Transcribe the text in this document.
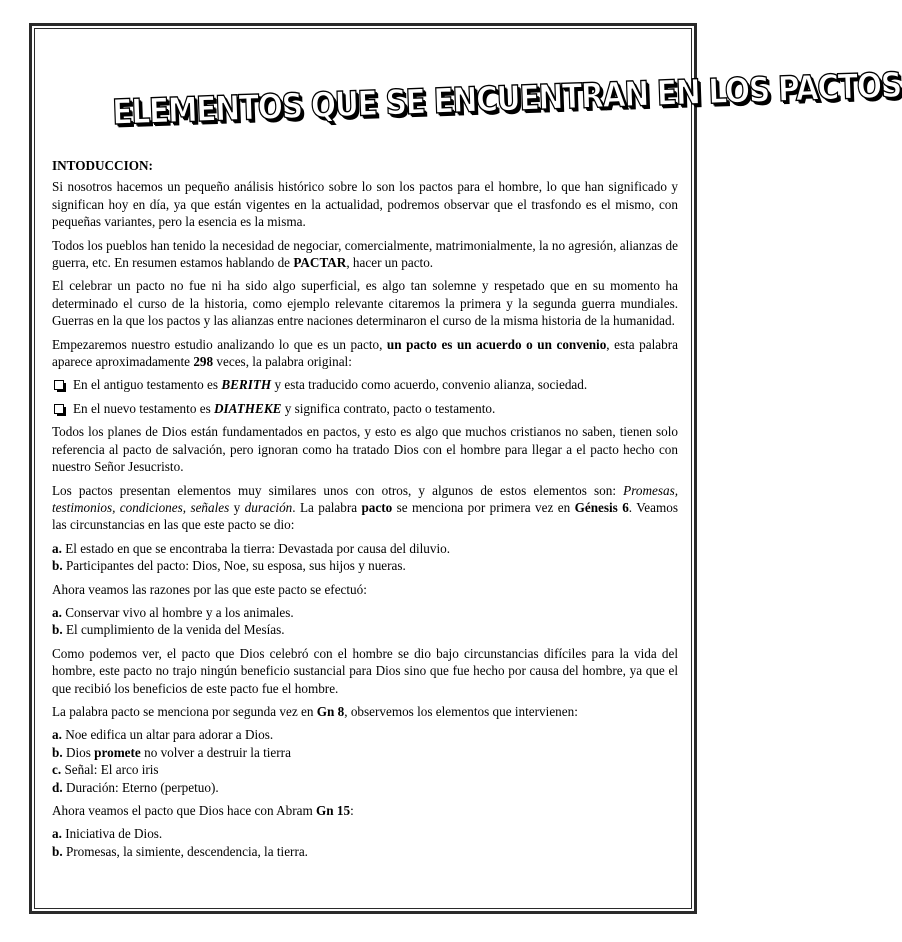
ELEMENTOS QUE SE ENCUENTRAN EN LOS PACTOS
INTODUCCION:

Si nosotros hacemos un pequeño análisis histórico sobre lo son los pactos para el hombre, lo que han significado y significan hoy en día, ya que están vigentes en la actualidad, podremos observar que el trasfondo es el mismo, con pequeñas variantes, pero la esencia es la misma.

Todos los pueblos han tenido la necesidad de negociar, comercialmente, matrimonialmente, la no agresión, alianzas de guerra, etc. En resumen estamos hablando de PACTAR, hacer un pacto.

El celebrar un pacto no fue ni ha sido algo superficial, es algo tan solemne y respetado que en su momento ha determinado el curso de la historia, como ejemplo relevante citaremos la primera y la segunda guerra mundiales. Guerras en la que los pactos y las alianzas entre naciones determinaron el curso de la misma historia de la humanidad.

Empezaremos nuestro estudio analizando lo que es un pacto, un pacto es un acuerdo o un convenio, esta palabra aparece aproximadamente 298 veces, la palabra original:

En el antiguo testamento es BERITH y esta traducido como acuerdo, convenio alianza, sociedad.
En el nuevo testamento es DIATHEKE y significa contrato, pacto o testamento.

Todos los planes de Dios están fundamentados en pactos, y esto es algo que muchos cristianos no saben, tienen solo referencia al pacto de salvación, pero ignoran como ha tratado Dios con el hombre para llegar a el pacto hecho con nuestro Señor Jesucristo.

Los pactos presentan elementos muy similares unos con otros, y algunos de estos elementos son: Promesas, testimonios, condiciones, señales y duración. La palabra pacto se menciona por primera vez en Génesis 6. Veamos las circunstancias en las que este pacto se dio:

a. El estado en que se encontraba la tierra: Devastada por causa del diluvio.
b. Participantes del pacto: Dios, Noe, su esposa, sus hijos y nueras.

Ahora veamos las razones por las que este pacto se efectuó:

a. Conservar vivo al hombre y a los animales.
b. El cumplimiento de la venida del Mesías.

Como podemos ver, el pacto que Dios celebró con el hombre se dio bajo circunstancias difíciles para la vida del hombre, este pacto no trajo ningún beneficio sustancial para Dios sino que fue hecho por causa del hombre, ya que el que recibió los beneficios de este pacto fue el hombre.

La palabra pacto se menciona por segunda vez en Gn 8, observemos los elementos que intervienen:

a. Noe edifica un altar para adorar a Dios.
b. Dios promete no volver a destruir la tierra
c. Señal: El arco iris
d. Duración: Eterno (perpetuo).

Ahora veamos el pacto que Dios hace con Abram Gn 15:

a. Iniciativa de Dios.
b. Promesas, la simiente, descendencia, la tierra.
